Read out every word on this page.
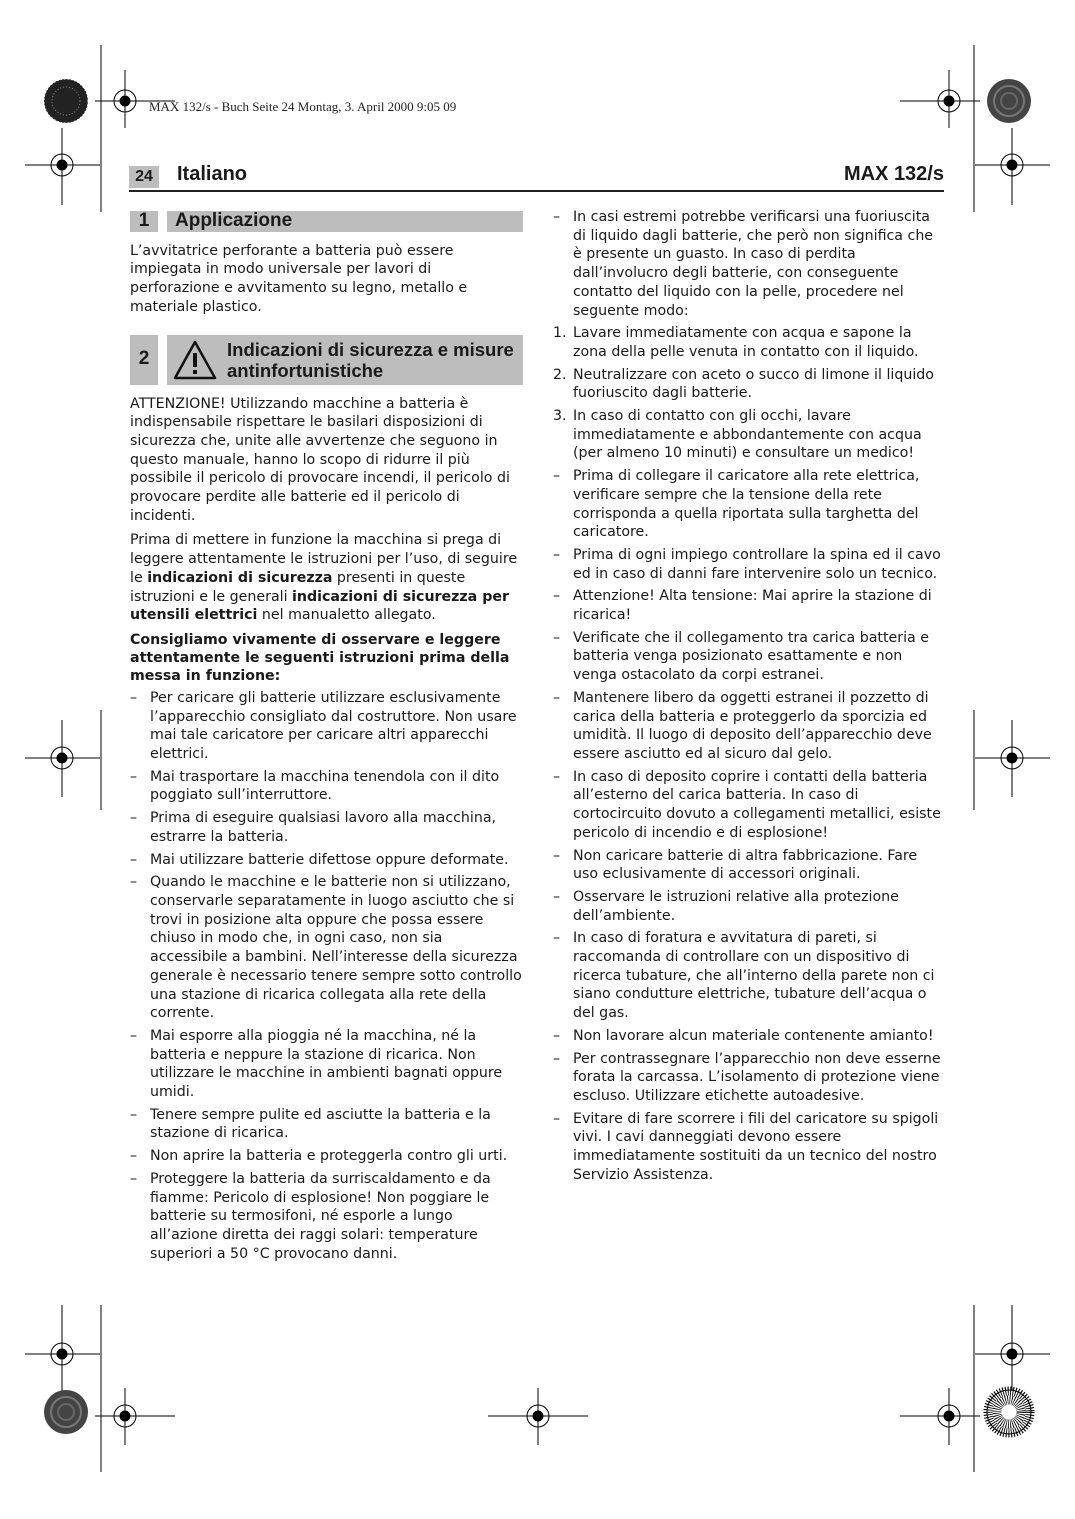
MAX 132/s - Buch Seite 24 Montag, 3. April 2000 9:05 09
24	Italiano	MAX 132/s
1	Applicazione

L’avvitatrice perforante a batteria può essere impiegata in modo universale per lavori di perforazione e avvitamento su legno, metallo e materiale plastico.

2	Indicazioni di sicurezza e misure antinfortunistiche

ATTENZIONE! Utilizzando macchine a batteria è indispensabile rispettare le basilari disposizioni di sicurezza che, unite alle avvertenze che seguono in questo manuale, hanno lo scopo di ridurre il più possibile il pericolo di provocare incendi, il pericolo di provocare perdite alle batterie ed il pericolo di incidenti.

Prima di mettere in funzione la macchina si prega di leggere attentamente le istruzioni per l’uso, di seguire le indicazioni di sicurezza presenti in queste istruzioni e le generali indicazioni di sicurezza per utensili elettrici nel manualetto allegato.

Consigliamo vivamente di osservare e leggere attentamente le seguenti istruzioni prima della messa in funzione:

– Per caricare gli batterie utilizzare esclusivamente l’apparecchio consigliato dal costruttore. Non usare mai tale caricatore per caricare altri apparecchi elettrici.
– Mai trasportare la macchina tenendola con il dito poggiato sull’interruttore.
– Prima di eseguire qualsiasi lavoro alla macchina, estrarre la batteria.
– Mai utilizzare batterie difettose oppure deformate.
– Quando le macchine e le batterie non si utilizzano, conservarle separatamente in luogo asciutto che si trovi in posizione alta oppure che possa essere chiuso in modo che, in ogni caso, non sia accessibile a bambini. Nell’interesse della sicurezza generale è necessario tenere sempre sotto controllo una stazione di ricarica collegata alla rete della corrente.
– Mai esporre alla pioggia né la macchina, né la batteria e neppure la stazione di ricarica. Non utilizzare le macchine in ambienti bagnati oppure umidi.
– Tenere sempre pulite ed asciutte la batteria e la stazione di ricarica.
– Non aprire la batteria e proteggerla contro gli urti.
– Proteggere la batteria da surriscaldamento e da fiamme: Pericolo di esplosione! Non poggiare le batterie su termosifoni, né esporle a lungo all’azione diretta dei raggi solari: temperature superiori a 50 °C provocano danni.
– In casi estremi potrebbe verificarsi una fuoriuscita di liquido dagli batterie, che però non significa che è presente un guasto. In caso di perdita dall’involucro degli batterie, con conseguente contatto del liquido con la pelle, procedere nel seguente modo:
1. Lavare immediatamente con acqua e sapone la zona della pelle venuta in contatto con il liquido.
2. Neutralizzare con aceto o succo di limone il liquido fuoriuscito dagli batterie.
3. In caso di contatto con gli occhi, lavare immediatamente e abbondantemente con acqua (per almeno 10 minuti) e consultare un medico!
– Prima di collegare il caricatore alla rete elettrica, verificare sempre che la tensione della rete corrisponda a quella riportata sulla targhetta del caricatore.
– Prima di ogni impiego controllare la spina ed il cavo ed in caso di danni fare intervenire solo un tecnico.
– Attenzione! Alta tensione: Mai aprire la stazione di ricarica!
– Verificate che il collegamento tra carica batteria e batteria venga posizionato esattamente e non venga ostacolato da corpi estranei.
– Mantenere libero da oggetti estranei il pozzetto di carica della batteria e proteggerlo da sporcizia ed umidità. Il luogo di deposito dell’apparecchio deve essere asciutto ed al sicuro dal gelo.
– In caso di deposito coprire i contatti della batteria all’esterno del carica batteria. In caso di cortocircuito dovuto a collegamenti metallici, esiste pericolo di incendio e di esplosione!
– Non caricare batterie di altra fabbricazione. Fare uso eclusivamente di accessori originali.
– Osservare le istruzioni relative alla protezione dell’ambiente.
– In caso di foratura e avvitatura di pareti, si raccomanda di controllare con un dispositivo di ricerca tubature, che all’interno della parete non ci siano condutture elettriche, tubature dell’acqua o del gas.
– Non lavorare alcun materiale contenente amianto!
– Per contrassegnare l’apparecchio non deve esserne forata la carcassa. L’isolamento di protezione viene escluso. Utilizzare etichette autoadesive.
– Evitare di fare scorrere i fili del caricatore su spigoli vivi. I cavi danneggiati devono essere immediatamente sostituiti da un tecnico del nostro Servizio Assistenza.
